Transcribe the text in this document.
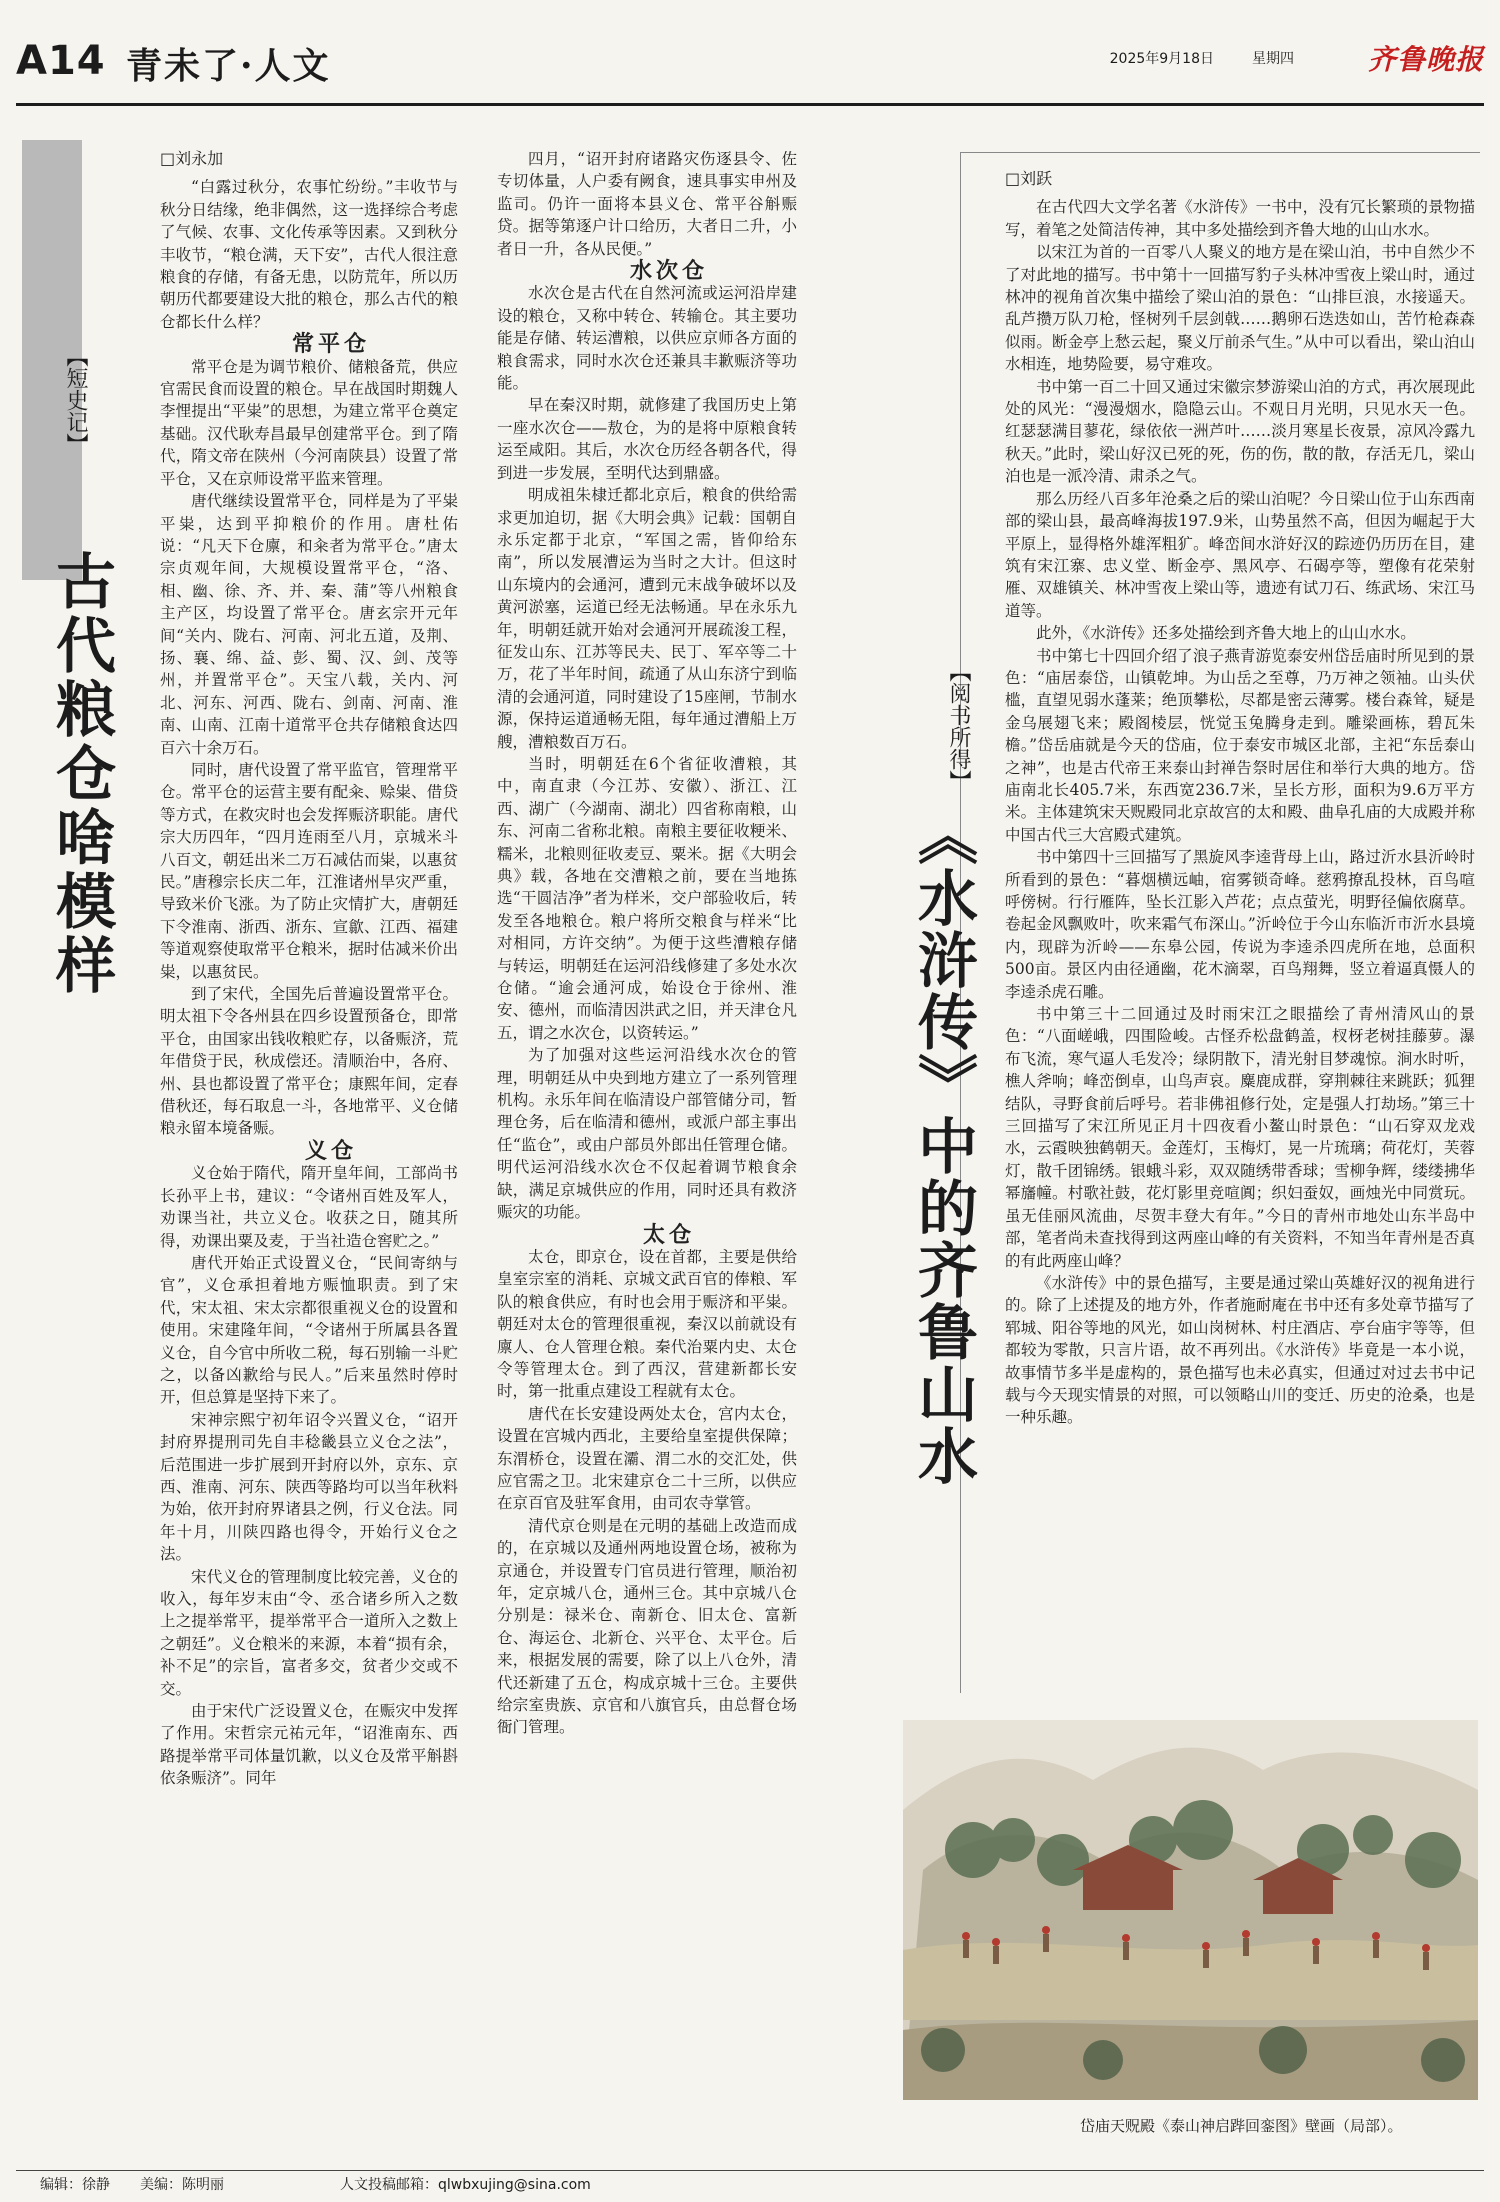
A14 青未了·人文	2025年9月18日	星期四	齐鲁晚报
【短史记】
古代粮仓啥模样

□刘永加

“白露过秋分，农事忙纷纷。”丰收节与秋分日结缘，绝非偶然，这一选择综合考虑了气候、农事、文化传承等因素。又到秋分丰收节，“粮仓满，天下安”，古代人很注意粮食的存储，有备无患，以防荒年，所以历朝历代都要建设大批的粮仓，那么古代的粮仓都长什么样？

常平仓

常平仓是为调节粮价、储粮备荒，供应官需民食而设置的粮仓。早在战国时期魏人李悝提出“平粜”的思想，为建立常平仓奠定基础。汉代耿寿昌最早创建常平仓。到了隋代，隋文帝在陕州（今河南陕县）设置了常平仓，又在京师设常平监来管理。

唐代继续设置常平仓，同样是为了平粜平粜，达到平抑粮价的作用。唐杜佑说：“凡天下仓廪，和籴者为常平仓。”唐太宗贞观年间，大规模设置常平仓，“洛、相、幽、徐、齐、并、秦、蒲”等八州粮食主产区，均设置了常平仓。唐玄宗开元年间“关内、陇右、河南、河北五道，及荆、扬、襄、绵、益、彭、蜀、汉、剑、茂等州，并置常平仓”。天宝八载，关内、河北、河东、河西、陇右、剑南、河南、淮南、山南、江南十道常平仓共存储粮食达四百六十余万石。

同时，唐代设置了常平监官，管理常平仓。常平仓的运营主要有配籴、赊粜、借贷等方式，在救灾时也会发挥赈济职能。唐代宗大历四年，“四月连雨至八月，京城米斗八百文，朝廷出米二万石减估而粜，以惠贫民。”唐穆宗长庆二年，江淮诸州旱灾严重，导致米价飞涨。为了防止灾情扩大，唐朝廷下令淮南、浙西、浙东、宣歙、江西、福建等道观察使取常平仓粮米，据时估减米价出粜，以惠贫民。

到了宋代，全国先后普遍设置常平仓。明太祖下令各州县在四乡设置预备仓，即常平仓，由国家出钱收粮贮存，以备赈济，荒年借贷于民，秋成偿还。清顺治中，各府、州、县也都设置了常平仓；康熙年间，定春借秋还，每石取息一斗，各地常平、义仓储粮永留本境备赈。

义仓

义仓始于隋代，隋开皇年间，工部尚书长孙平上书，建议：“令诸州百姓及军人，劝课当社，共立义仓。收获之日，随其所得，劝课出粟及麦，于当社造仓窖贮之。”

唐代开始正式设置义仓，“民间寄纳与官”，义仓承担着地方赈恤职责。到了宋代，宋太祖、宋太宗都很重视义仓的设置和使用。宋建隆年间，“令诸州于所属县各置义仓，自今官中所收二税，每石别输一斗贮之，以备凶歉给与民人。”后来虽然时停时开，但总算是坚持下来了。

宋神宗熙宁初年诏令兴置义仓，“诏开封府界提刑司先自丰稔畿县立义仓之法”，后范围进一步扩展到开封府以外，京东、京西、淮南、河东、陕西等路均可以当年秋料为始，依开封府界诸县之例，行义仓法。同年十月，川陕四路也得令，开始行义仓之法。

宋代义仓的管理制度比较完善，义仓的收入，每年岁末由“令、丞合诸乡所入之数上之提举常平，提举常平合一道所入之数上之朝廷”。义仓粮米的来源，本着“损有余，补不足”的宗旨，富者多交，贫者少交或不交。

由于宋代广泛设置义仓，在赈灾中发挥了作用。宋哲宗元祐元年，“诏淮南东、西路提举常平司体量饥歉，以义仓及常平斛斟依条赈济”。同年

四月，“诏开封府诸路灾伤逐县令、佐专切体量，人户委有阙食，速具事实申州及监司。仍许一面将本县义仓、常平谷斛赈贷。据等第逐户计口给历，大者日二升，小者日一升，各从民便。”

水次仓

水次仓是古代在自然河流或运河沿岸建设的粮仓，又称中转仓、转输仓。其主要功能是存储、转运漕粮，以供应京师各方面的粮食需求，同时水次仓还兼具丰歉赈济等功能。

早在秦汉时期，就修建了我国历史上第一座水次仓——敖仓，为的是将中原粮食转运至咸阳。其后，水次仓历经各朝各代，得到进一步发展，至明代达到鼎盛。

明成祖朱棣迁都北京后，粮食的供给需求更加迫切，据《大明会典》记载：国朝自永乐定都于北京，“军国之需，皆仰给东南”，所以发展漕运为当时之大计。但这时山东境内的会通河，遭到元末战争破坏以及黄河淤塞，运道已经无法畅通。早在永乐九年，明朝廷就开始对会通河开展疏浚工程，征发山东、江苏等民夫、民丁、军卒等二十万，花了半年时间，疏通了从山东济宁到临清的会通河道，同时建设了15座闸，节制水源，保持运道通畅无阻，每年通过漕船上万艘，漕粮数百万石。

当时，明朝廷在6个省征收漕粮，其中，南直隶（今江苏、安徽）、浙江、江西、湖广（今湖南、湖北）四省称南粮，山东、河南二省称北粮。南粮主要征收粳米、糯米，北粮则征收麦豆、粟米。据《大明会典》载，各地在交漕粮之前，要在当地拣选“干圆洁净”者为样米，交户部验收后，转发至各地粮仓。粮户将所交粮食与样米“比对相同，方许交纳”。为便于这些漕粮存储与转运，明朝廷在运河沿线修建了多处水次仓储。“逾会通河成，始设仓于徐州、淮安、德州，而临清因洪武之旧，并天津仓凡五，谓之水次仓，以资转运。”

为了加强对这些运河沿线水次仓的管理，明朝廷从中央到地方建立了一系列管理机构。永乐年间在临清设户部管储分司，暂理仓务，后在临清和德州，或派户部主事出任“监仓”，或由户部员外郎出任管理仓储。明代运河沿线水次仓不仅起着调节粮食余缺，满足京城供应的作用，同时还具有救济赈灾的功能。

太仓

太仓，即京仓，设在首都，主要是供给皇室宗室的消耗、京城文武百官的俸粮、军队的粮食供应，有时也会用于赈济和平粜。朝廷对太仓的管理很重视，秦汉以前就设有廪人、仓人管理仓粮。秦代治粟内史、太仓令等管理太仓。到了西汉，营建新都长安时，第一批重点建设工程就有太仓。

唐代在长安建设两处太仓，宫内太仓，设置在宫城内西北，主要给皇室提供保障；东渭桥仓，设置在灞、渭二水的交汇处，供应官需之卫。北宋建京仓二十三所，以供应在京百官及驻军食用，由司农寺掌管。

清代京仓则是在元明的基础上改造而成的，在京城以及通州两地设置仓场，被称为京通仓，并设置专门官员进行管理，顺治初年，定京城八仓，通州三仓。其中京城八仓分别是：禄米仓、南新仓、旧太仓、富新仓、海运仓、北新仓、兴平仓、太平仓。后来，根据发展的需要，除了以上八仓外，清代还新建了五仓，构成京城十三仓。主要供给宗室贵族、京官和八旗官兵，由总督仓场衙门管理。

【阅书所得】
《水浒传》中的齐鲁山水

□刘跃

在古代四大文学名著《水浒传》一书中，没有冗长繁琐的景物描写，着笔之处简洁传神，其中多处描绘到齐鲁大地的山山水水。

以宋江为首的一百零八人聚义的地方是在梁山泊，书中自然少不了对此地的描写。书中第十一回描写豹子头林冲雪夜上梁山时，通过林冲的视角首次集中描绘了梁山泊的景色：“山排巨浪，水接遥天。乱芦攒万队刀枪，怪树列千层剑戟……鹅卵石迭迭如山，苦竹枪森森似雨。断金亭上愁云起，聚义厅前杀气生。”从中可以看出，梁山泊山水相连，地势险要，易守难攻。

书中第一百二十回又通过宋徽宗梦游梁山泊的方式，再次展现此处的风光：“漫漫烟水，隐隐云山。不观日月光明，只见水天一色。红瑟瑟满目蓼花，绿依依一洲芦叶……淡月寒星长夜景，凉风冷露九秋天。”此时，梁山好汉已死的死，伤的伤，散的散，存活无几，梁山泊也是一派冷清、肃杀之气。

那么历经八百多年沧桑之后的梁山泊呢？今日梁山位于山东西南部的梁山县，最高峰海拔197.9米，山势虽然不高，但因为崛起于大平原上，显得格外雄浑粗犷。峰峦间水浒好汉的踪迹仍历历在目，建筑有宋江寨、忠义堂、断金亭、黑风亭、石碣亭等，塑像有花荣射雁、双雄镇关、林冲雪夜上梁山等，遗迹有试刀石、练武场、宋江马道等。

此外，《水浒传》还多处描绘到齐鲁大地上的山山水水。

书中第七十四回介绍了浪子燕青游览泰安州岱岳庙时所见到的景色：“庙居泰岱，山镇乾坤。为山岳之至尊，乃万神之领袖。山头伏槛，直望见弱水蓬莱；绝顶攀松，尽都是密云薄雾。楼台森耸，疑是金乌展翅飞来；殿阁棱层，恍觉玉兔腾身走到。雕梁画栋，碧瓦朱檐。”岱岳庙就是今天的岱庙，位于泰安市城区北部，主祀“东岳泰山之神”，也是古代帝王来泰山封禅告祭时居住和举行大典的地方。岱庙南北长405.7米，东西宽236.7米，呈长方形，面积为9.6万平方米。主体建筑宋天贶殿同北京故宫的太和殿、曲阜孔庙的大成殿并称中国古代三大宫殿式建筑。

书中第四十三回描写了黑旋风李逵背母上山，路过沂水县沂岭时所看到的景色：“暮烟横远岫，宿雾锁奇峰。慈鸦撩乱投林，百鸟喧呼傍树。行行雁阵，坠长江影入芦花；点点萤光，明野径偏依腐草。卷起金风飘败叶，吹来霜气布深山。”沂岭位于今山东临沂市沂水县境内，现辟为沂岭——东皋公园，传说为李逵杀四虎所在地，总面积500亩。景区内由径通幽，花木滴翠，百鸟翔舞，竖立着逼真慑人的李逵杀虎石雕。

书中第三十二回通过及时雨宋江之眼描绘了青州清风山的景色：“八面嵯峨，四围险峻。古怪乔松盘鹤盖，杈枒老树挂藤萝。瀑布飞流，寒气逼人毛发冷；绿阴散下，清光射目梦魂惊。涧水时听，樵人斧响；峰峦倒卓，山鸟声哀。麋鹿成群，穿荆棘往来跳跃；狐狸结队，寻野食前后呼号。若非佛祖修行处，定是强人打劫场。”第三十三回描写了宋江所见正月十四夜看小鳌山时景色：“山石穿双龙戏水，云霞映独鹤朝天。金莲灯，玉梅灯，晃一片琉璃；荷花灯，芙蓉灯，散千团锦绣。银蛾斗彩，双双随绣带香球；雪柳争辉，缕缕拂华幂旛幢。村歌社鼓，花灯影里竞喧阗；织妇蚕奴，画烛光中同赏玩。虽无佳丽风流曲，尽贺丰登大有年。”今日的青州市地处山东半岛中部，笔者尚未查找得到这两座山峰的有关资料，不知当年青州是否真的有此两座山峰？

《水浒传》中的景色描写，主要是通过梁山英雄好汉的视角进行的。除了上述提及的地方外，作者施耐庵在书中还有多处章节描写了郓城、阳谷等地的风光，如山岗树林、村庄酒店、亭台庙宇等等，但都较为零散，只言片语，故不再列出。《水浒传》毕竟是一本小说，故事情节多半是虚构的，景色描写也未必真实，但通过对过去书中记载与今天现实情景的对照，可以领略山川的变迁、历史的沧桑，也是一种乐趣。

岱庙天贶殿《泰山神启跸回銮图》壁画（局部）。
编辑：徐静 美编：陈明丽	人文投稿邮箱：qlwbxujing@sina.com
